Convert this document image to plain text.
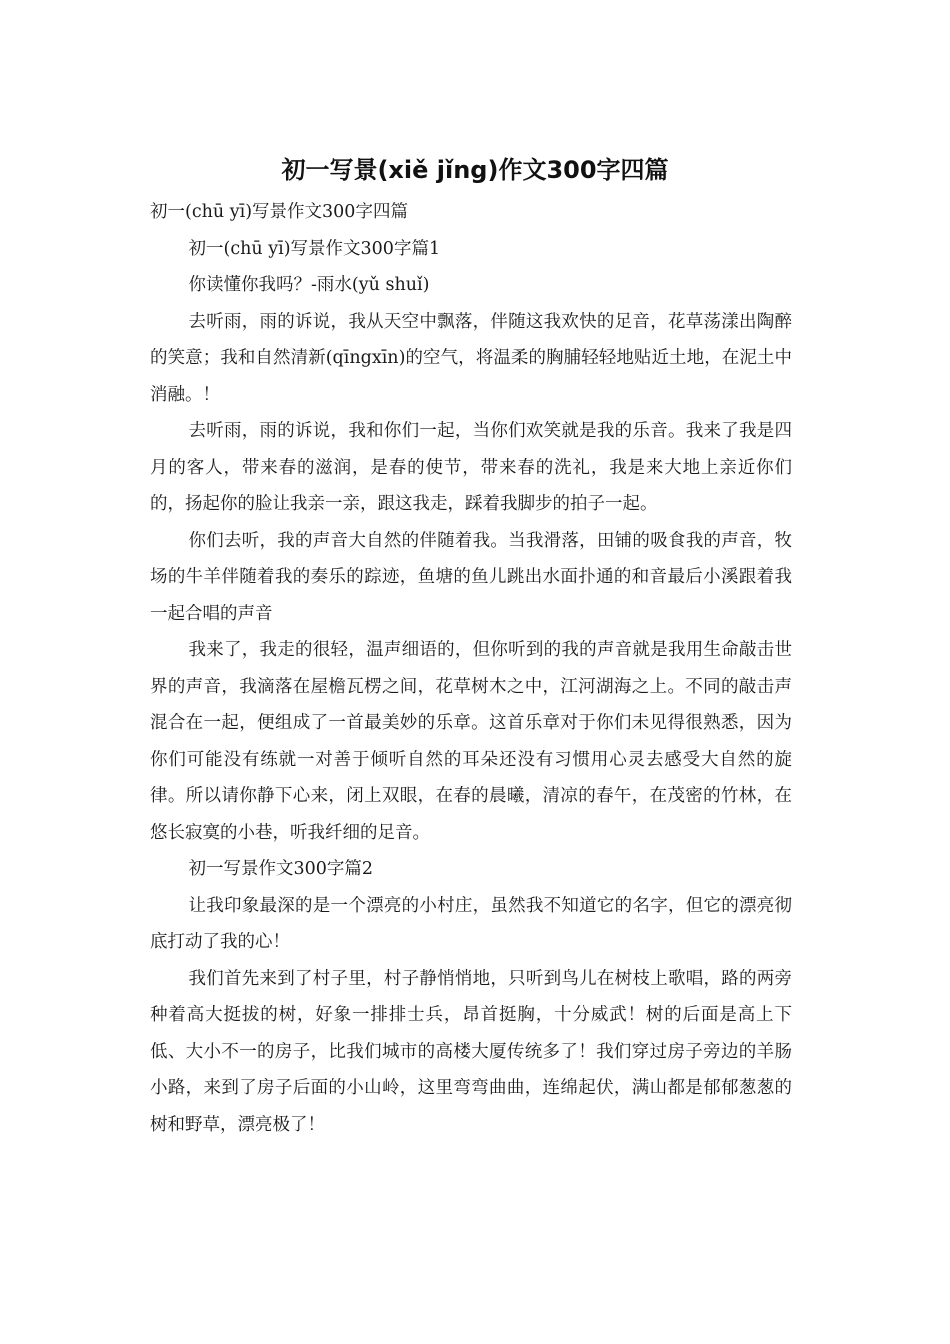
初一写景(xiě jǐng)作文300字四篇

初一(chū yī)写景作文300字四篇

初一(chū yī)写景作文300字篇1

你读懂你我吗？-雨水(yǔ shuǐ)

去听雨，雨的诉说，我从天空中飘落，伴随这我欢快的足音，花草荡漾出陶醉的笑意；我和自然清新(qīngxīn)的空气，将温柔的胸脯轻轻地贴近土地，在泥土中消融。！

去听雨，雨的诉说，我和你们一起，当你们欢笑就是我的乐音。我来了我是四月的客人，带来春的滋润，是春的使节，带来春的洗礼，我是来大地上亲近你们的，扬起你的脸让我亲一亲，跟这我走，踩着我脚步的拍子一起。

你们去听，我的声音大自然的伴随着我。当我滑落，田铺的吸食我的声音，牧场的牛羊伴随着我的奏乐的踪迹，鱼塘的鱼儿跳出水面扑通的和音最后小溪跟着我一起合唱的声音

我来了，我走的很轻，温声细语的，但你听到的我的声音就是我用生命敲击世界的声音，我滴落在屋檐瓦楞之间，花草树木之中，江河湖海之上。不同的敲击声混合在一起，便组成了一首最美妙的乐章。这首乐章对于你们未见得很熟悉，因为你们可能没有练就一对善于倾听自然的耳朵还没有习惯用心灵去感受大自然的旋律。所以请你静下心来，闭上双眼，在春的晨曦，清凉的春午，在茂密的竹林，在悠长寂寞的小巷，听我纤细的足音。

初一写景作文300字篇2

让我印象最深的是一个漂亮的小村庄，虽然我不知道它的名字，但它的漂亮彻底打动了我的心！

我们首先来到了村子里，村子静悄悄地，只听到鸟儿在树枝上歌唱，路的两旁种着高大挺拔的树，好象一排排士兵，昂首挺胸，十分威武！树的后面是高上下低、大小不一的房子，比我们城市的高楼大厦传统多了！我们穿过房子旁边的羊肠小路，来到了房子后面的小山岭，这里弯弯曲曲，连绵起伏，满山都是郁郁葱葱的树和野草，漂亮极了！
